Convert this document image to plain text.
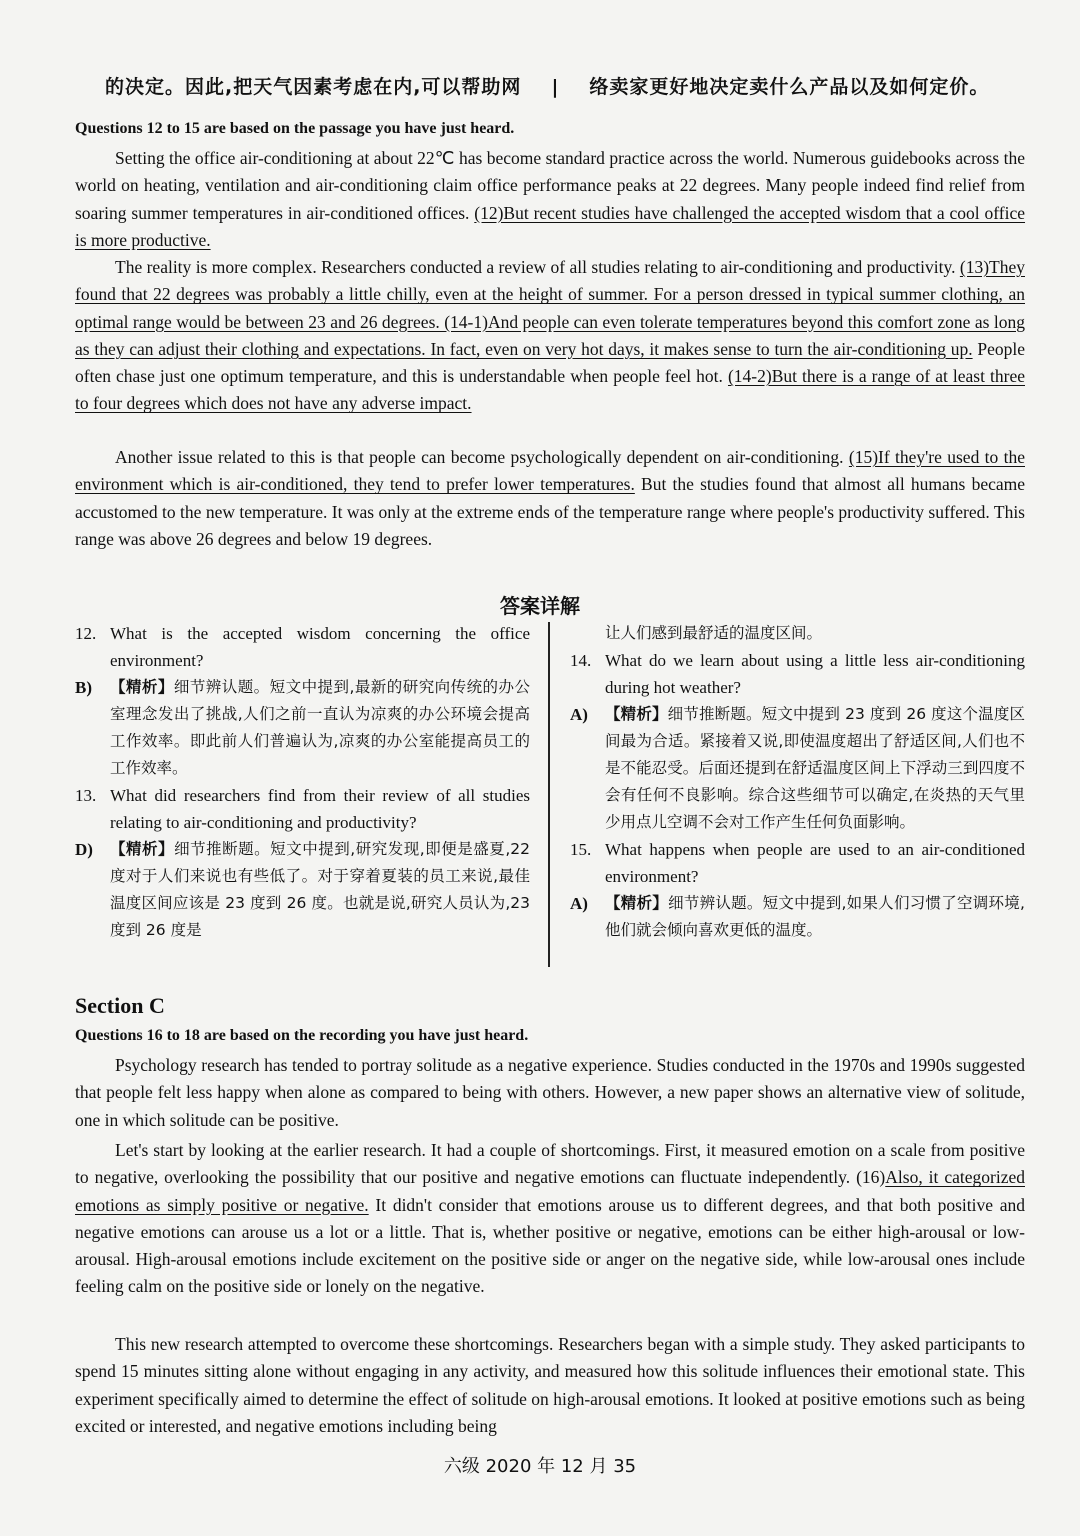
的决定。因此,把天气因素考虑在内,可以帮助网 | 络卖家更好地决定卖什么产品以及如何定价。
Questions 12 to 15 are based on the passage you have just heard.
Setting the office air-conditioning at about 22℃ has become standard practice across the world. Numerous guidebooks across the world on heating, ventilation and air-conditioning claim office performance peaks at 22 degrees. Many people indeed find relief from soaring summer temperatures in air-conditioned offices. (12)But recent studies have challenged the accepted wisdom that a cool office is more productive.
The reality is more complex. Researchers conducted a review of all studies relating to air-conditioning and productivity. (13)They found that 22 degrees was probably a little chilly, even at the height of summer. For a person dressed in typical summer clothing, an optimal range would be between 23 and 26 degrees. (14-1)And people can even tolerate temperatures beyond this comfort zone as long as they can adjust their clothing and expectations. In fact, even on very hot days, it makes sense to turn the air-conditioning up. People often chase just one optimum temperature, and this is understandable when people feel hot. (14-2)But there is a range of at least three to four degrees which does not have any adverse impact.
Another issue related to this is that people can become psychologically dependent on air-conditioning. (15)If they're used to the environment which is air-conditioned, they tend to prefer lower temperatures. But the studies found that almost all humans became accustomed to the new temperature. It was only at the extreme ends of the temperature range where people's productivity suffered. This range was above 26 degrees and below 19 degrees.
答案详解
12. What is the accepted wisdom concerning the office environment?
B)	【精析】细节辨认题。短文中提到,最新的研究向传统的办公室理念发出了挑战,人们之前一直认为凉爽的办公环境会提高工作效率。即此前人们普遍认为,凉爽的办公室能提高员工的工作效率。
13. What did researchers find from their review of all studies relating to air-conditioning and productivity?
D)	【精析】细节推断题。短文中提到,研究发现,即便是盛夏,22 度对于人们来说也有些低了。对于穿着夏装的员工来说,最佳温度区间应该是 23 度到 26 度。也就是说,研究人员认为,23 度到 26 度是
让人们感到最舒适的温度区间。
14. What do we learn about using a little less air-conditioning during hot weather?
A)	【精析】细节推断题。短文中提到 23 度到 26 度这个温度区间最为合适。紧接着又说,即使温度超出了舒适区间,人们也不是不能忍受。后面还提到在舒适温度区间上下浮动三到四度不会有任何不良影响。综合这些细节可以确定,在炎热的天气里少用点儿空调不会对工作产生任何负面影响。
15. What happens when people are used to an air-conditioned environment?
A)	【精析】细节辨认题。短文中提到,如果人们习惯了空调环境,他们就会倾向喜欢更低的温度。
Section C
Questions 16 to 18 are based on the recording you have just heard.
Psychology research has tended to portray solitude as a negative experience. Studies conducted in the 1970s and 1990s suggested that people felt less happy when alone as compared to being with others. However, a new paper shows an alternative view of solitude, one in which solitude can be positive.
Let's start by looking at the earlier research. It had a couple of shortcomings. First, it measured emotion on a scale from positive to negative, overlooking the possibility that our positive and negative emotions can fluctuate independently. (16)Also, it categorized emotions as simply positive or negative. It didn't consider that emotions arouse us to different degrees, and that both positive and negative emotions can arouse us a lot or a little. That is, whether positive or negative, emotions can be either high-arousal or low-arousal. High-arousal emotions include excitement on the positive side or anger on the negative side, while low-arousal ones include feeling calm on the positive side or lonely on the negative.
This new research attempted to overcome these shortcomings. Researchers began with a simple study. They asked participants to spend 15 minutes sitting alone without engaging in any activity, and measured how this solitude influences their emotional state. This experiment specifically aimed to determine the effect of solitude on high-arousal emotions. It looked at positive emotions such as being excited or interested, and negative emotions including being
六级 2020 年 12 月 35
